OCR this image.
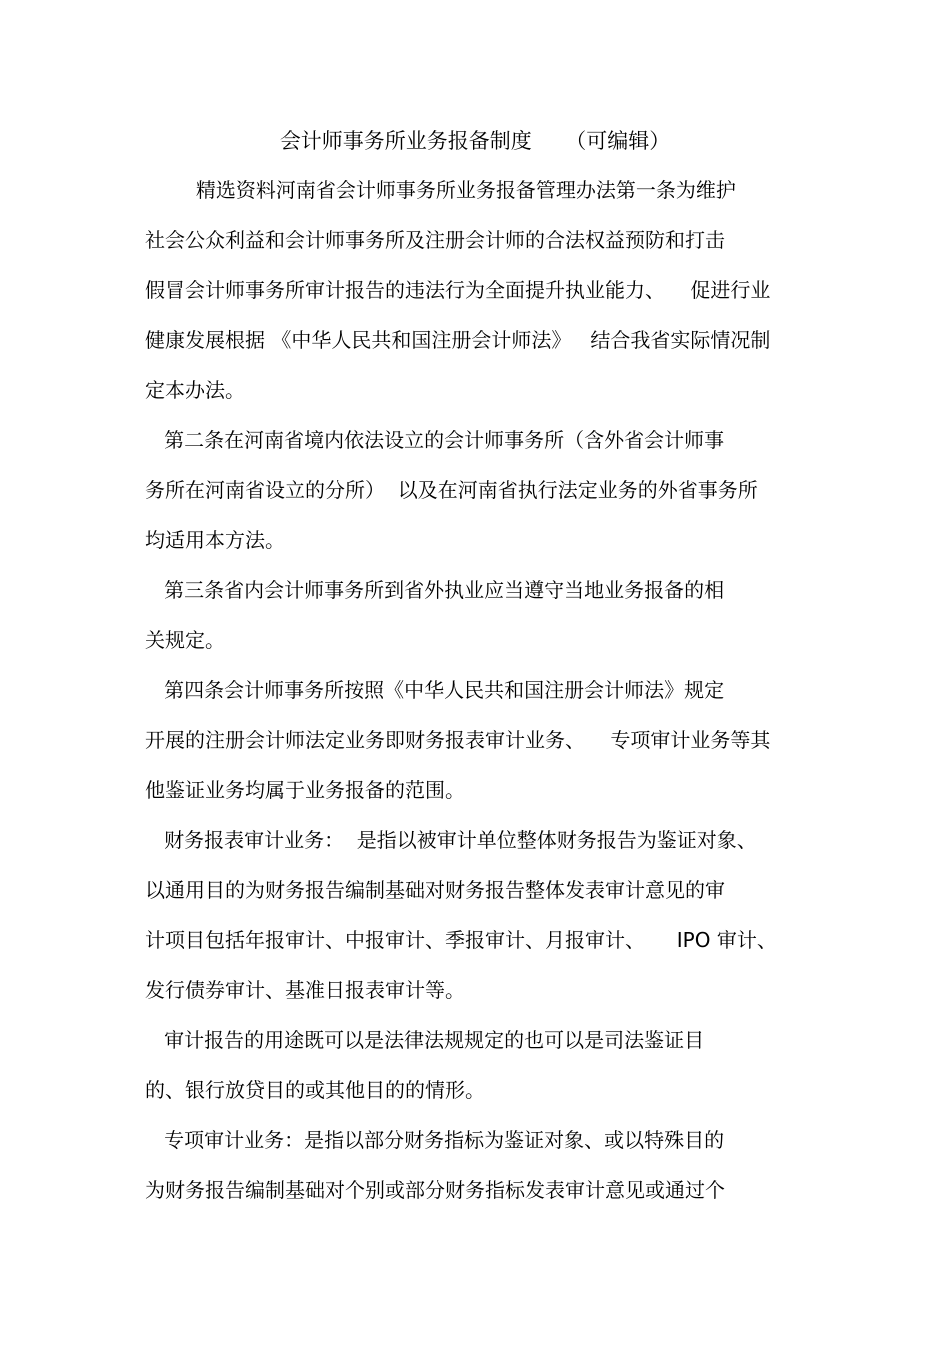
会计师事务所业务报备制度     （可编辑）
精选资料河南省会计师事务所业务报备管理办法第一条为维护
社会公众利益和会计师事务所及注册会计师的合法权益预防和打击
假冒会计师事务所审计报告的违法行为全面提升执业能力、    促进行业
健康发展根据 《中华人民共和国注册会计师法》   结合我省实际情况制
定本办法。
第二条在河南省境内依法设立的会计师事务所（含外省会计师事
务所在河南省设立的分所）  以及在河南省执行法定业务的外省事务所
均适用本方法。
第三条省内会计师事务所到省外执业应当遵守当地业务报备的相
关规定。
第四条会计师事务所按照《中华人民共和国注册会计师法》规定
开展的注册会计师法定业务即财务报表审计业务、    专项审计业务等其
他鉴证业务均属于业务报备的范围。
财务报表审计业务：  是指以被审计单位整体财务报告为鉴证对象、
以通用目的为财务报告编制基础对财务报告整体发表审计意见的审
计项目包括年报审计、中报审计、季报审计、月报审计、     IPO 审计、
发行债券审计、基准日报表审计等。
审计报告的用途既可以是法律法规规定的也可以是司法鉴证目
的、银行放贷目的或其他目的的情形。
专项审计业务：是指以部分财务指标为鉴证对象、或以特殊目的
为财务报告编制基础对个别或部分财务指标发表审计意见或通过个
